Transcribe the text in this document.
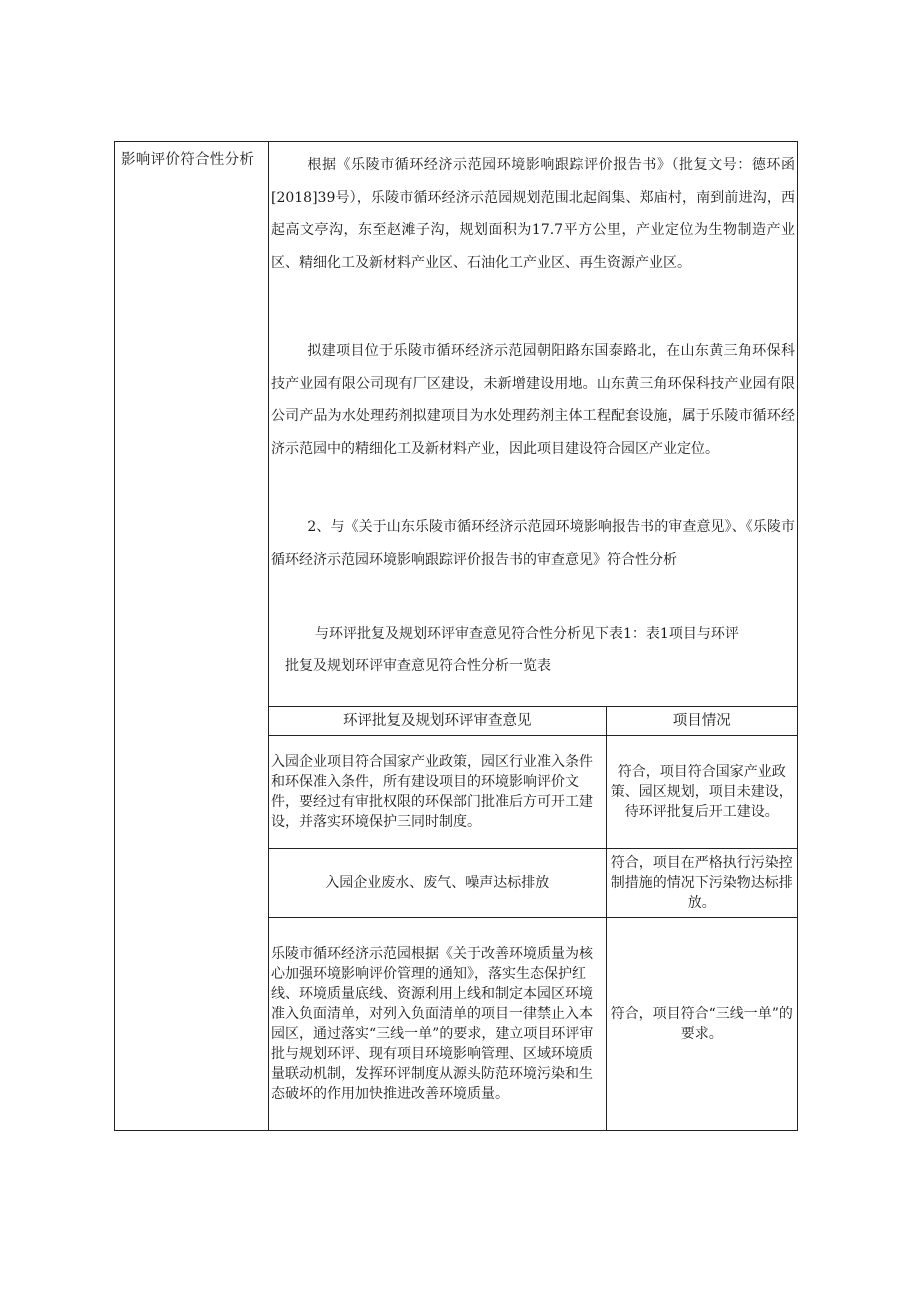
影响评价符合性分析	根据《乐陵市循环经济示范园环境影响跟踪评价报告书》（批复文号：德环函[2018]39号），乐陵市循环经济示范园规划范围北起阎集、郑庙村，南到前进沟，西起高文亭沟，东至赵滩子沟，规划面积为17.7平方公里，产业定位为生物制造产业区、精细化工及新材料产业区、石油化工产业区、再生资源产业区。

拟建项目位于乐陵市循环经济示范园朝阳路东国泰路北，在山东黄三角环保科技产业园有限公司现有厂区建设，未新增建设用地。山东黄三角环保科技产业园有限公司产品为水处理药剂拟建项目为水处理药剂主体工程配套设施，属于乐陵市循环经济示范园中的精细化工及新材料产业，因此项目建设符合园区产业定位。

2、与《关于山东乐陵市循环经济示范园环境影响报告书的审查意见》、《乐陵市循环经济示范园环境影响跟踪评价报告书的审查意见》符合性分析

与环评批复及规划环评审查意见符合性分析见下表1：表1项目与环评

批复及规划环评审查意见符合性分析一览表

环评批复及规划环评审查意见	项目情况
入园企业项目符合国家产业政策，园区行业准入条件和环保准入条件，所有建设项目的环境影响评价文件，要经过有审批权限的环保部门批准后方可开工建设，并落实环境保护三同时制度。	符合，项目符合国家产业政策、园区规划，项目未建设，待环评批复后开工建设。
入园企业废水、废气、噪声达标排放	符合，项目在严格执行污染控制措施的情况下污染物达标排放。
乐陵市循环经济示范园根据《关于改善环境质量为核心加强环境影响评价管理的通知》，落实生态保护红线、环境质量底线、资源利用上线和制定本园区环境准入负面清单，对列入负面清单的项目一律禁止入本园区，通过落实“三线一单”的要求，建立项目环评审批与规划环评、现有项目环境影响管理、区域环境质量联动机制，发挥环评制度从源头防范环境污染和生态破坏的作用加快推进改善环境质量。	符合，项目符合“三线一单”的要求。
